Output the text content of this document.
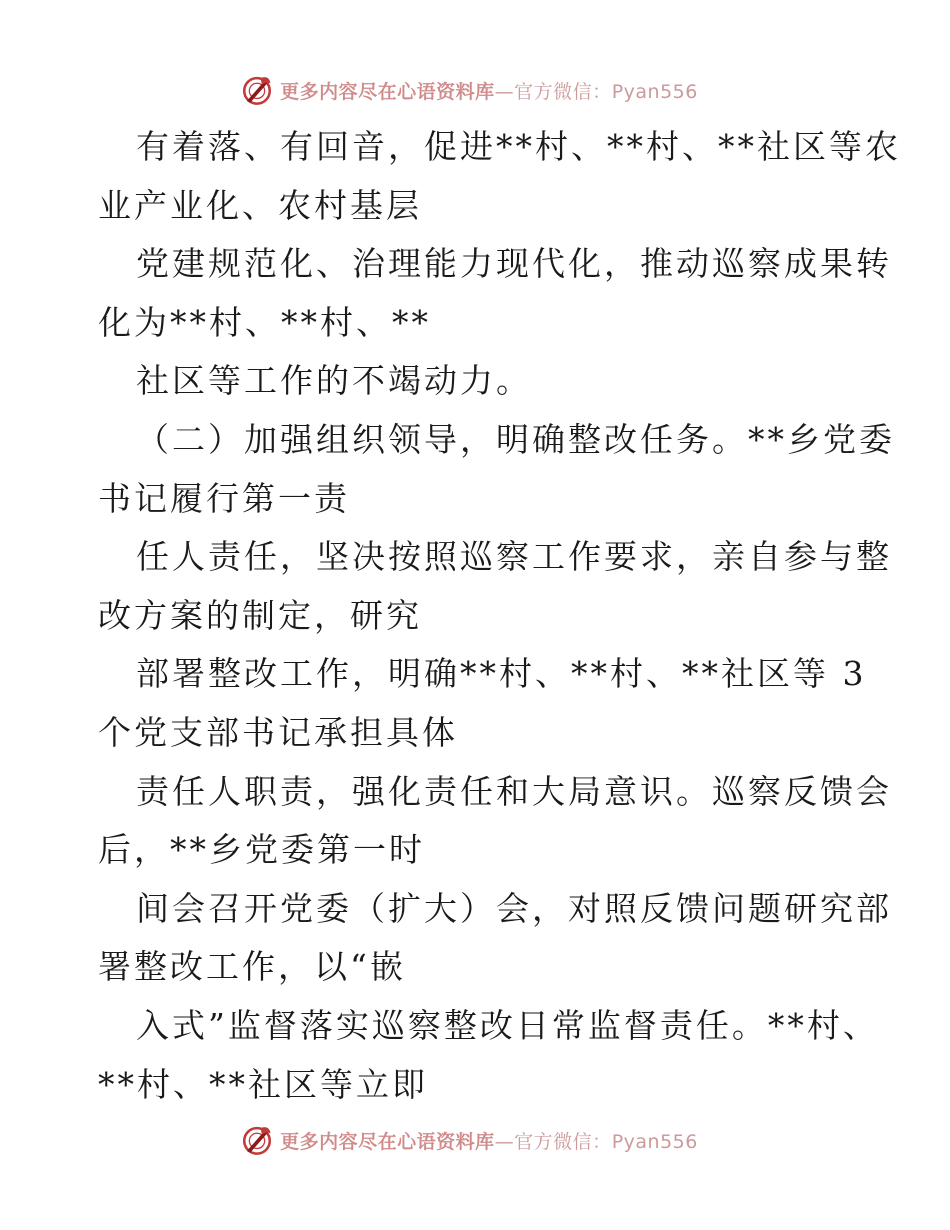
更多内容尽在心语资料库—官方微信：Pyan556
有着落、有回音，促进**村、**村、**社区等农
业产业化、农村基层
党建规范化、治理能力现代化，推动巡察成果转
化为**村、**村、**
社区等工作的不竭动力。
（二）加强组织领导，明确整改任务。**乡党委
书记履行第一责
任人责任，坚决按照巡察工作要求，亲自参与整
改方案的制定，研究
部署整改工作，明确**村、**村、**社区等 3
个党支部书记承担具体
责任人职责，强化责任和大局意识。巡察反馈会
后，**乡党委第一时
间会召开党委（扩大）会，对照反馈问题研究部
署整改工作，以“嵌
入式”监督落实巡察整改日常监督责任。**村、
**村、**社区等立即
更多内容尽在心语资料库—官方微信：Pyan556
